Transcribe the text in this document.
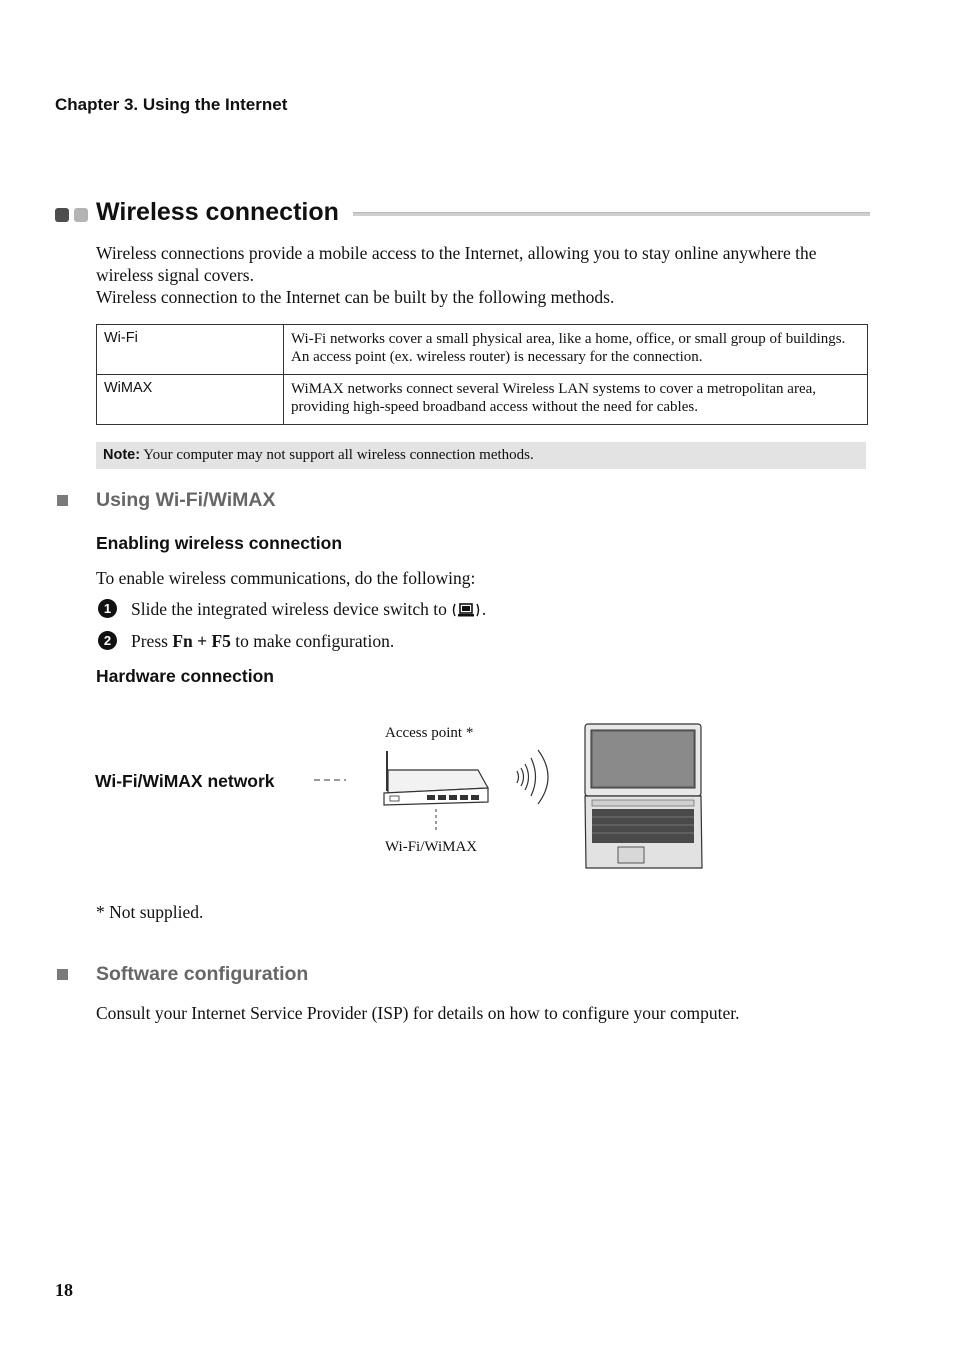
Chapter 3. Using the Internet
Wireless connection
Wireless connections provide a mobile access to the Internet, allowing you to stay online anywhere the wireless signal covers.
Wireless connection to the Internet can be built by the following methods.
Wi-Fi	Wi-Fi networks cover a small physical area, like a home, office, or small group of buildings. An access point (ex. wireless router) is necessary for the connection.
WiMAX	WiMAX networks connect several Wireless LAN systems to cover a metropolitan area, providing high-speed broadband access without the need for cables.
Note: Your computer may not support all wireless connection methods.
Using Wi-Fi/WiMAX
Enabling wireless connection
To enable wireless communications, do the following:
1	Slide the integrated wireless device switch to .
2	Press Fn + F5 to make configuration.
Hardware connection
Wi-Fi/WiMAX network
Access point *
Wi-Fi/WiMAX
* Not supplied.
Software configuration
Consult your Internet Service Provider (ISP) for details on how to configure your computer.
18
